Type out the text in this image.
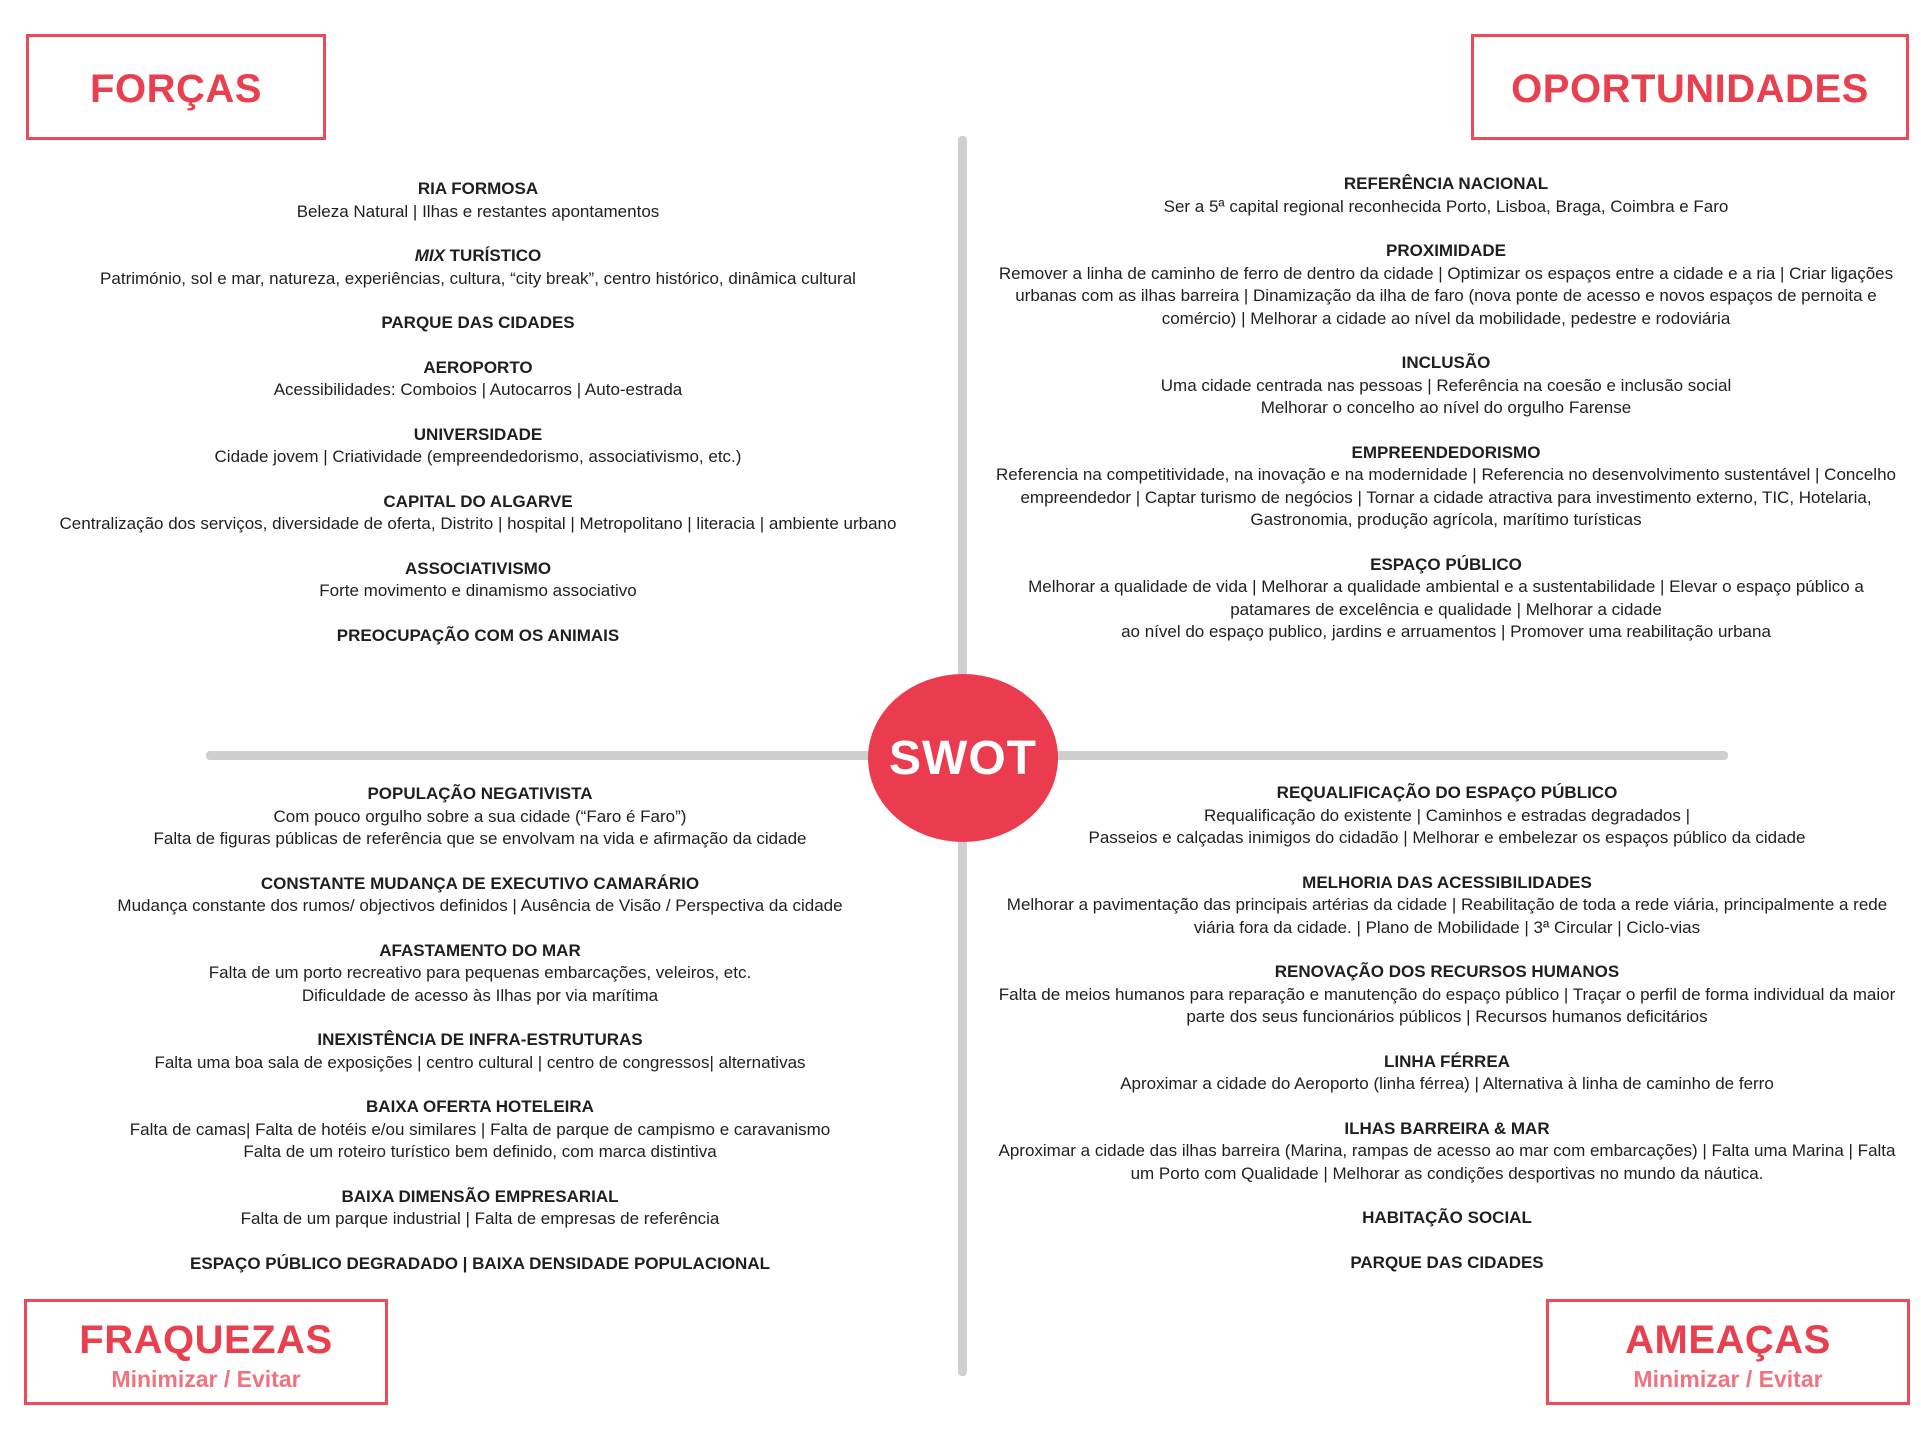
FORÇAS	OPORTUNIDADES
FRAQUEZAS
Minimizar / Evitar
AMEAÇAS
Minimizar / Evitar
RIA FORMOSA
Beleza Natural | Ilhas e restantes apontamentos
MIX TURÍSTICO
Património, sol e mar, natureza, experiências, cultura, “city break”, centro histórico, dinâmica cultural
PARQUE DAS CIDADES
AEROPORTO
Acessibilidades: Comboios | Autocarros | Auto-estrada
UNIVERSIDADE
Cidade jovem | Criatividade (empreendedorismo, associativismo, etc.)
CAPITAL DO ALGARVE
Centralização dos serviços, diversidade de oferta, Distrito | hospital | Metropolitano | literacia | ambiente urbano
ASSOCIATIVISMO
Forte movimento e dinamismo associativo
PREOCUPAÇÃO COM OS ANIMAIS
REFERÊNCIA NACIONAL
Ser a 5ª capital regional reconhecida Porto, Lisboa, Braga, Coimbra e Faro
PROXIMIDADE
Remover a linha de caminho de ferro de dentro da cidade | Optimizar os espaços entre a cidade e a ria | Criar ligações
urbanas com as ilhas barreira | Dinamização da ilha de faro (nova ponte de acesso e novos espaços de pernoita e
comércio) | Melhorar a cidade ao nível da mobilidade, pedestre e rodoviária
INCLUSÃO
Uma cidade centrada nas pessoas | Referência na coesão e inclusão social
Melhorar o concelho ao nível do orgulho Farense
EMPREENDEDORISMO
Referencia na competitividade, na inovação e na modernidade | Referencia no desenvolvimento sustentável | Concelho
empreendedor | Captar turismo de negócios | Tornar a cidade atractiva para investimento externo, TIC, Hotelaria,
Gastronomia, produção agrícola, marítimo turísticas
ESPAÇO PÚBLICO
Melhorar a qualidade de vida | Melhorar a qualidade ambiental e a sustentabilidade | Elevar o espaço público a
patamares de excelência e qualidade | Melhorar a cidade
ao nível do espaço publico, jardins e arruamentos | Promover uma reabilitação urbana
POPULAÇÃO NEGATIVISTA
Com pouco orgulho sobre a sua cidade (“Faro é Faro”)
Falta de figuras públicas de referência que se envolvam na vida e afirmação da cidade
CONSTANTE MUDANÇA DE EXECUTIVO CAMARÁRIO
Mudança constante dos rumos/ objectivos definidos | Ausência de Visão / Perspectiva da cidade
AFASTAMENTO DO MAR
Falta de um porto recreativo para pequenas embarcações, veleiros, etc.
Dificuldade de acesso às Ilhas por via marítima
INEXISTÊNCIA DE INFRA-ESTRUTURAS
Falta uma boa sala de exposições | centro cultural | centro de congressos| alternativas
BAIXA OFERTA HOTELEIRA
Falta de camas| Falta de hotéis e/ou similares | Falta de parque de campismo e caravanismo
Falta de um roteiro turístico bem definido, com marca distintiva
BAIXA DIMENSÃO EMPRESARIAL
Falta de um parque industrial | Falta de empresas de referência
ESPAÇO PÚBLICO DEGRADADO | BAIXA DENSIDADE POPULACIONAL
REQUALIFICAÇÃO DO ESPAÇO PÚBLICO
Requalificação do existente | Caminhos e estradas degradados |
Passeios e calçadas inimigos do cidadão | Melhorar e embelezar os espaços público da cidade
MELHORIA DAS ACESSIBILIDADES
Melhorar a pavimentação das principais artérias da cidade | Reabilitação de toda a rede viária, principalmente a rede
viária fora da cidade. | Plano de Mobilidade | 3ª Circular | Ciclo-vias
RENOVAÇÃO DOS RECURSOS HUMANOS
Falta de meios humanos para reparação e manutenção do espaço público | Traçar o perfil de forma individual da maior
parte dos seus funcionários públicos | Recursos humanos deficitários
LINHA FÉRREA
Aproximar a cidade do Aeroporto (linha férrea) | Alternativa à linha de caminho de ferro
ILHAS BARREIRA & MAR
Aproximar a cidade das ilhas barreira (Marina, rampas de acesso ao mar com embarcações) | Falta uma Marina | Falta
um Porto com Qualidade | Melhorar as condições desportivas no mundo da náutica.
HABITAÇÃO SOCIAL
PARQUE DAS CIDADES
SWOT
